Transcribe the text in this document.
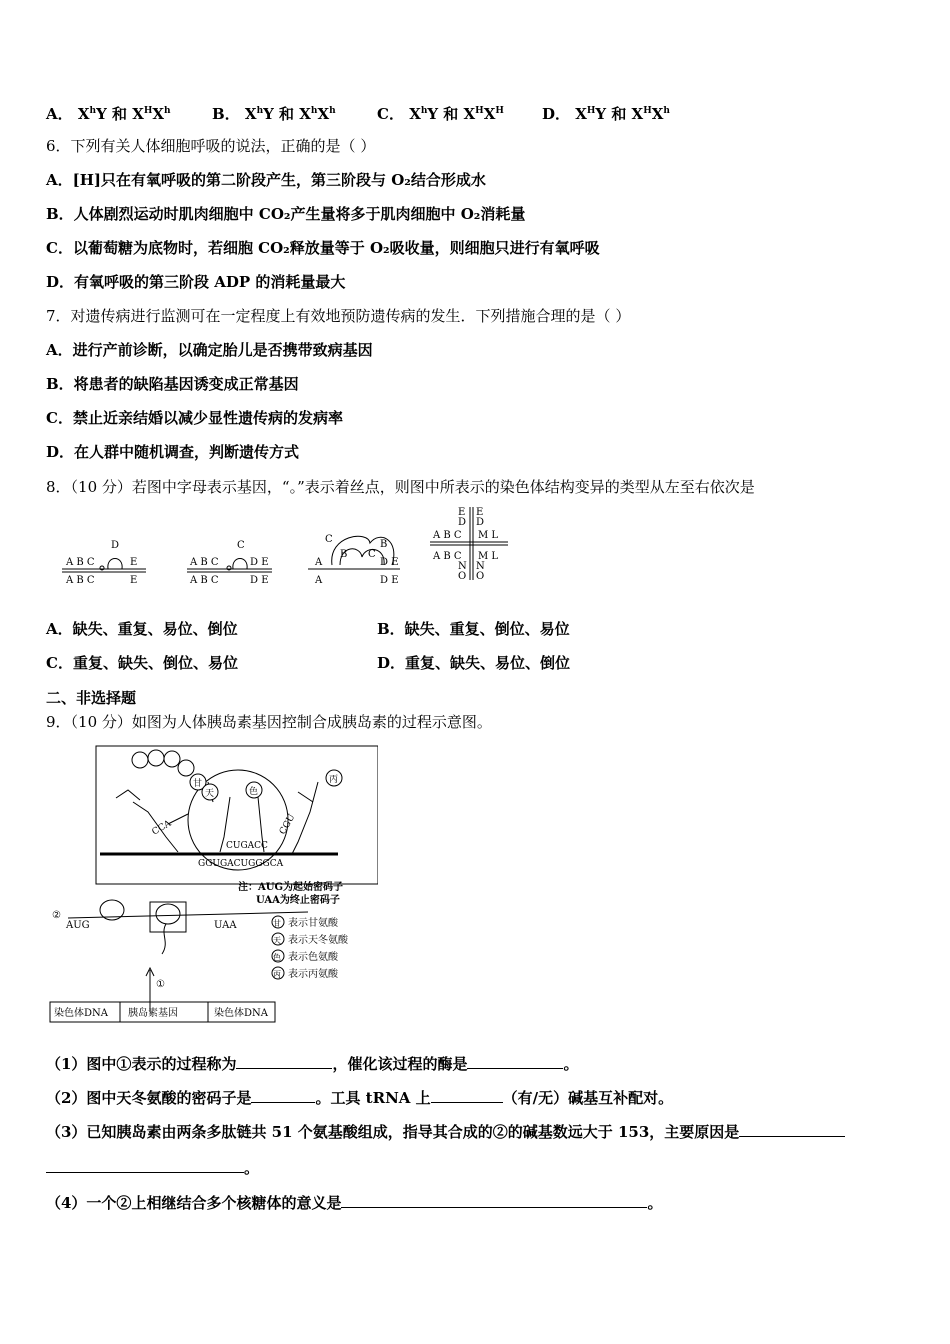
A． $X^hY$ 和 $X^HX^h$	B． $X^hY$ 和 $X^hX^h$	C． $X^hY$ 和 $X^HX^H$	D． $X^HY$ 和 $X^HX^h$
6．下列有关人体细胞呼吸的说法，正确的是（ ）
A．[H]只在有氧呼吸的第二阶段产生，第三阶段与 O₂结合形成水
B．人体剧烈运动时肌肉细胞中 CO₂产生量将多于肌肉细胞中 O₂消耗量
C．以葡萄糖为底物时，若细胞 CO₂释放量等于 O₂吸收量，则细胞只进行有氧呼吸
D．有氧呼吸的第三阶段 ADP 的消耗量最大
7．对遗传病进行监测可在一定程度上有效地预防遗传病的发生．下列措施合理的是（ ）
A．进行产前诊断，以确定胎儿是否携带致病基因
B．将患者的缺陷基因诱变成正常基因
C．禁止近亲结婚以减少显性遗传病的发病率
D．在人群中随机调查，判断遗传方式
8．（10 分）若图中字母表示基因，“。”表示着丝点，则图中所表示的染色体结构变异的类型从左至右依次是
A B C	E
D
A B C	E
A B C	D E
C
A B C	D E
C
B C
B
A	D E
A	D E
E
D
E
D
A B C M L
A B C M L
N
O
N
O
A．缺失、重复、易位、倒位	B．缺失、重复、倒位、易位
C．重复、缺失、倒位、易位	D．重复、缺失、易位、倒位
二、非选择题
9．（10 分）如图为人体胰岛素基因控制合成胰岛素的过程示意图。
甘
天	色
丙
CCA	CGU
CUGACC
GGUGACUGGGCA
②
AUG	UAA
①
注：AUG为起始密码子
UAA为终止密码子
染色体DNA 胰岛素基因	染色体DNA
甘 表示甘氨酸
天 表示天冬氨酸
色 表示色氨酸
丙 表示丙氨酸
（1）图中①表示的过程称为	，催化该过程的酶是	。
（2）图中天冬氨酸的密码子是	。工具 tRNA 上	（有/无）碱基互补配对。
（3）已知胰岛素由两条多肽链共 51 个氨基酸组成，指导其合成的②的碱基数远大于 153，主要原因是
。
（4）一个②上相继结合多个核糖体的意义是	。
